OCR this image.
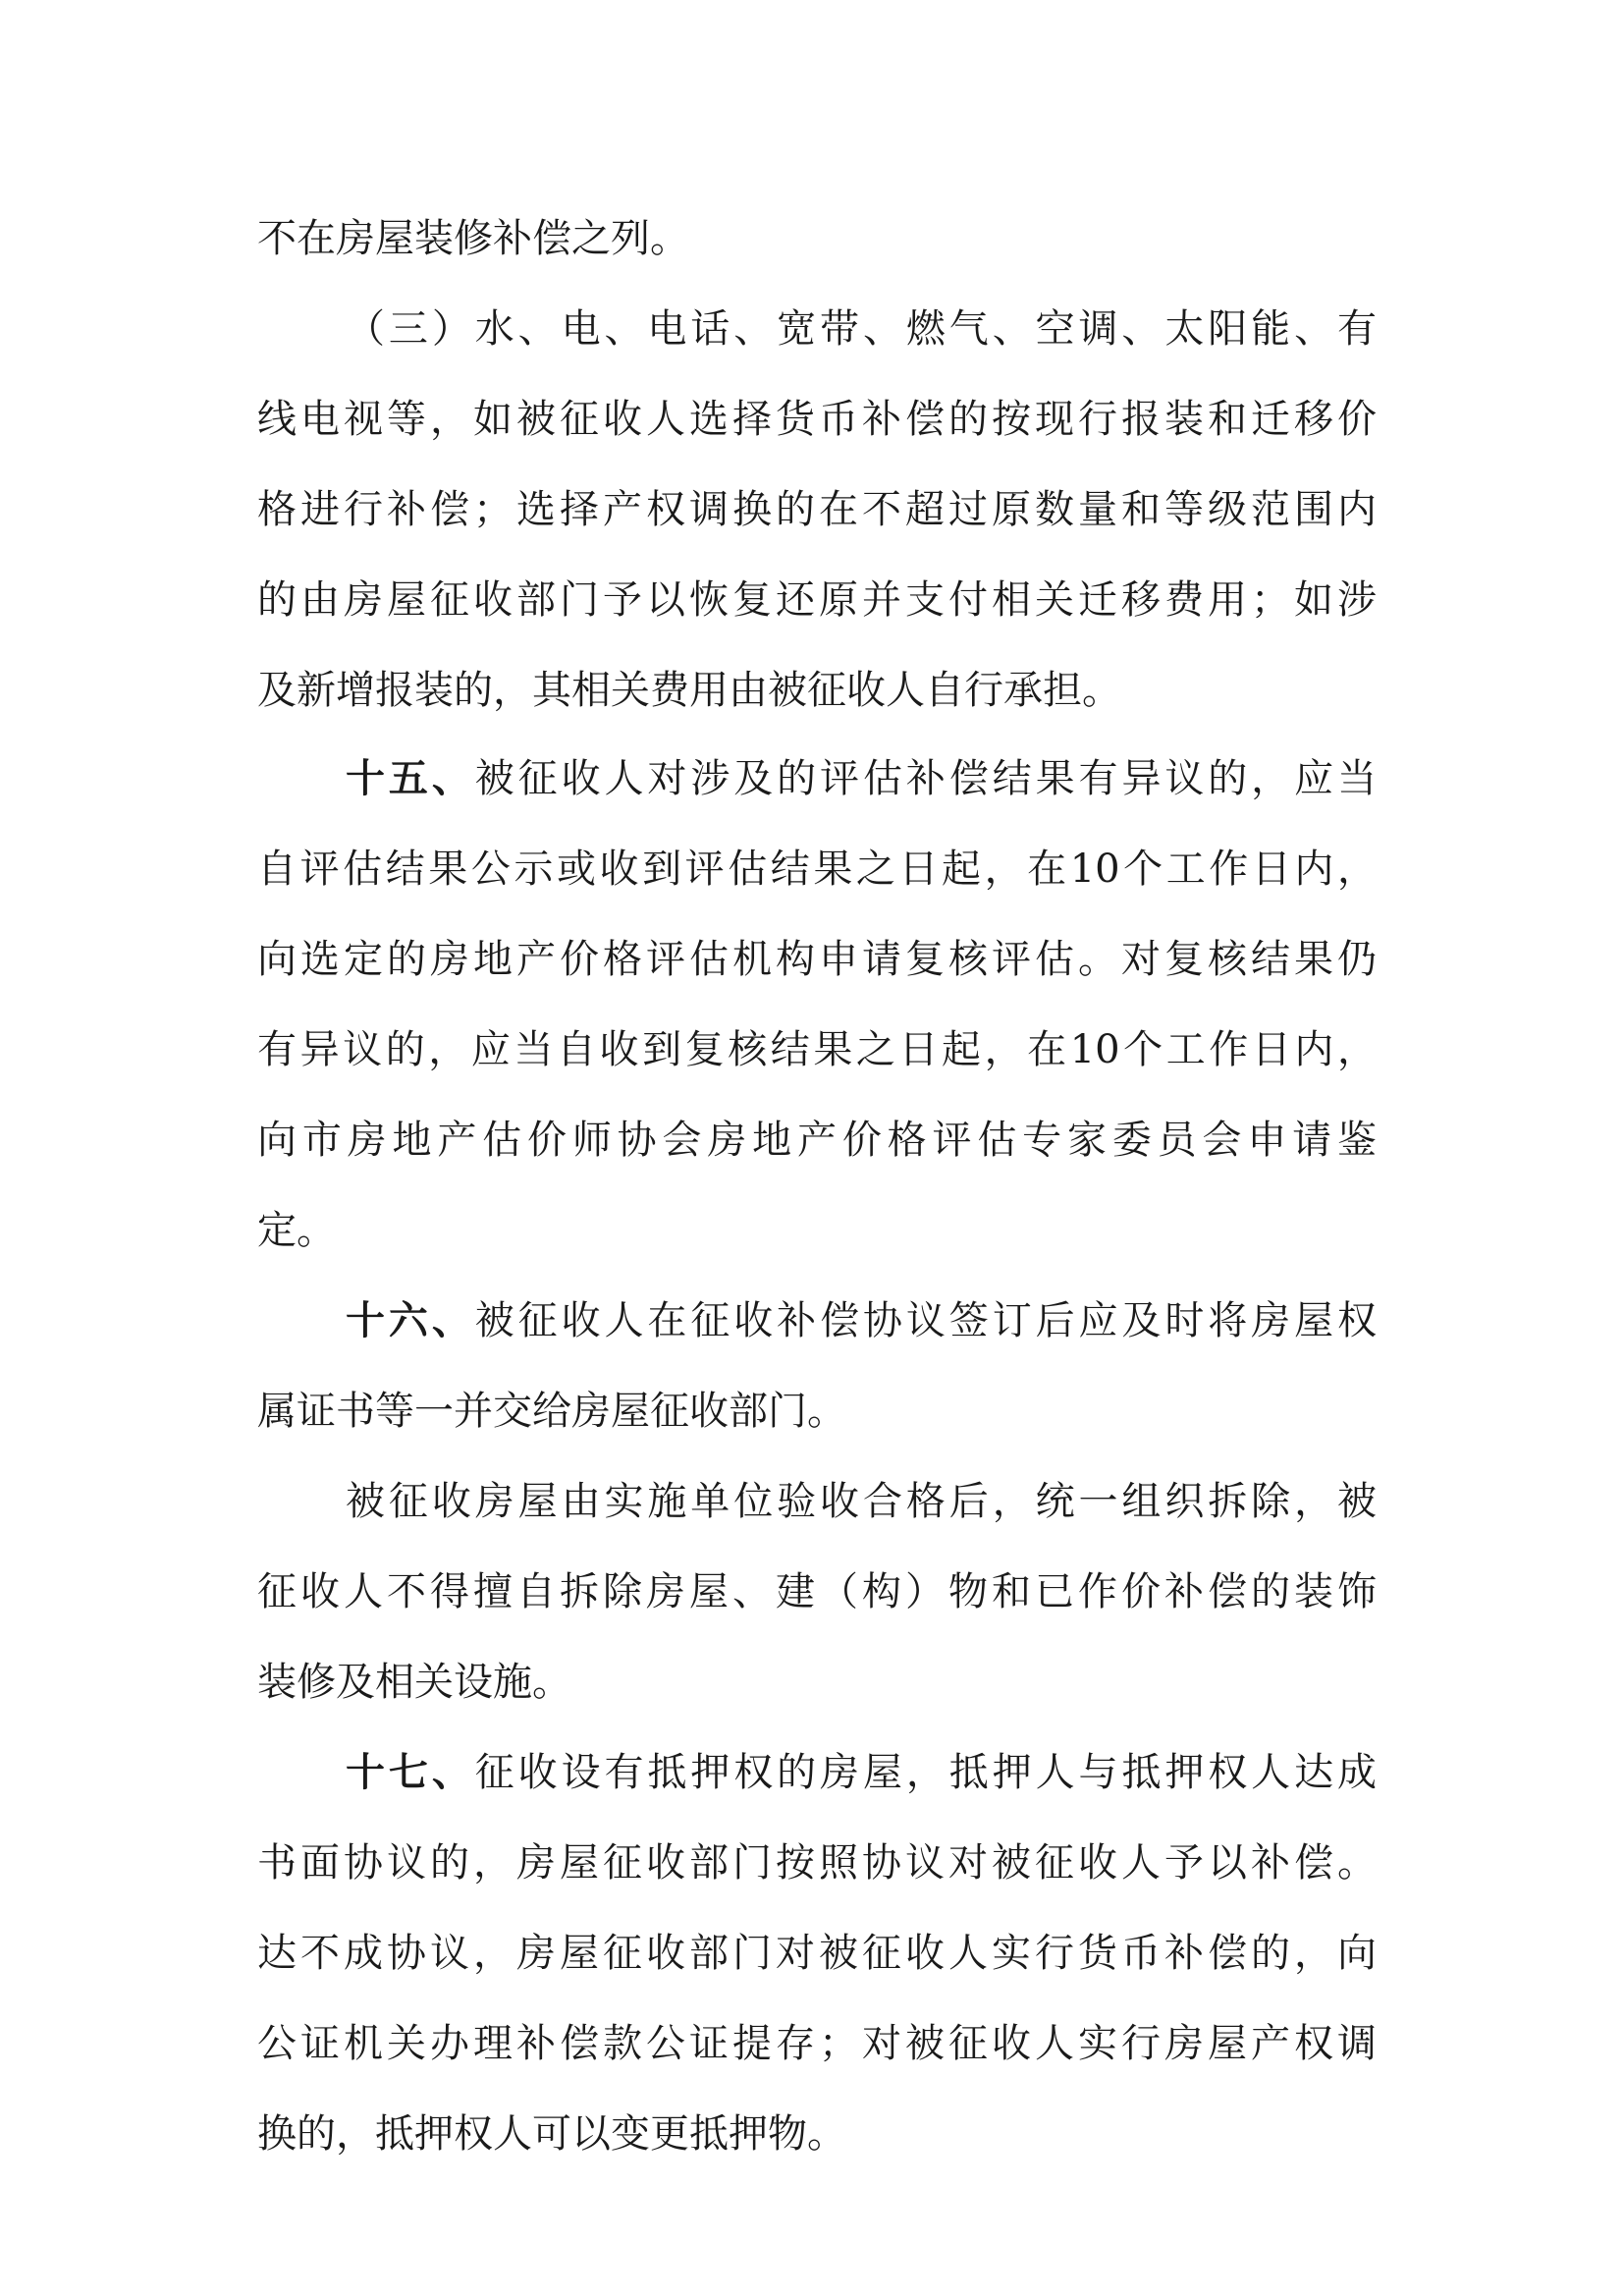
不在房屋装修补偿之列。
（三）水、电、电话、宽带、燃气、空调、太阳能、有
线电视等，如被征收人选择货币补偿的按现行报装和迁移价
格进行补偿；选择产权调换的在不超过原数量和等级范围内
的由房屋征收部门予以恢复还原并支付相关迁移费用；如涉
及新增报装的，其相关费用由被征收人自行承担。
十五、被征收人对涉及的评估补偿结果有异议的，应当
自评估结果公示或收到评估结果之日起，在10个工作日内，
向选定的房地产价格评估机构申请复核评估。对复核结果仍
有异议的，应当自收到复核结果之日起，在10个工作日内，
向市房地产估价师协会房地产价格评估专家委员会申请鉴
定。
十六、被征收人在征收补偿协议签订后应及时将房屋权
属证书等一并交给房屋征收部门。
被征收房屋由实施单位验收合格后，统一组织拆除，被
征收人不得擅自拆除房屋、建（构）物和已作价补偿的装饰
装修及相关设施。
十七、征收设有抵押权的房屋，抵押人与抵押权人达成
书面协议的，房屋征收部门按照协议对被征收人予以补偿。
达不成协议，房屋征收部门对被征收人实行货币补偿的，向
公证机关办理补偿款公证提存；对被征收人实行房屋产权调
换的，抵押权人可以变更抵押物。
